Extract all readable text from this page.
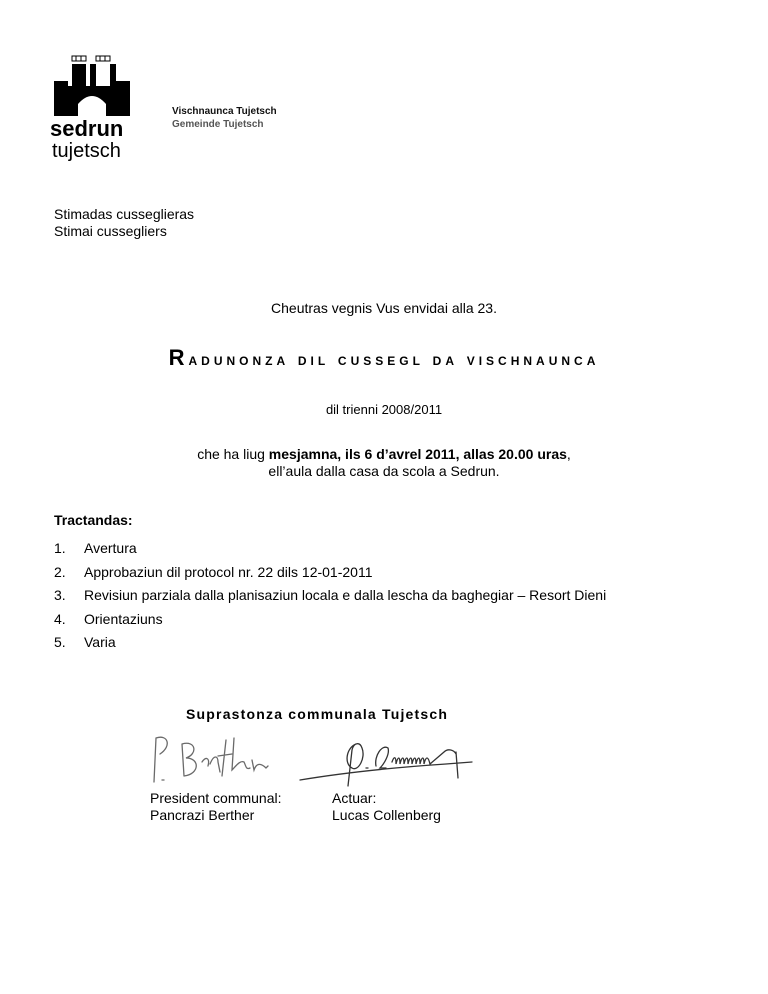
sedrun
tujetsch
Vischnaunca Tujetsch
Gemeinde Tujetsch
Stimadas cusseglieras
Stimai cussegliers
Cheutras vegnis Vus envidai alla 23.
Radunonza dil cussegl da vischnaunca
dil trienni 2008/2011
che ha liug mesjamna, ils 6 d’avrel 2011, allas 20.00 uras,
ell’aula dalla casa da scola a Sedrun.
Tractandas:
1.	Avertura
2.	Approbaziun dil protocol nr. 22 dils 12-01-2011
3.	Revisiun parziala dalla planisaziun locala e dalla lescha da baghegiar – Resort Dieni
4.	Orientaziuns
5.	Varia
Suprastonza communala Tujetsch
President communal:
Pancrazi Berther
Actuar:
Lucas Collenberg
